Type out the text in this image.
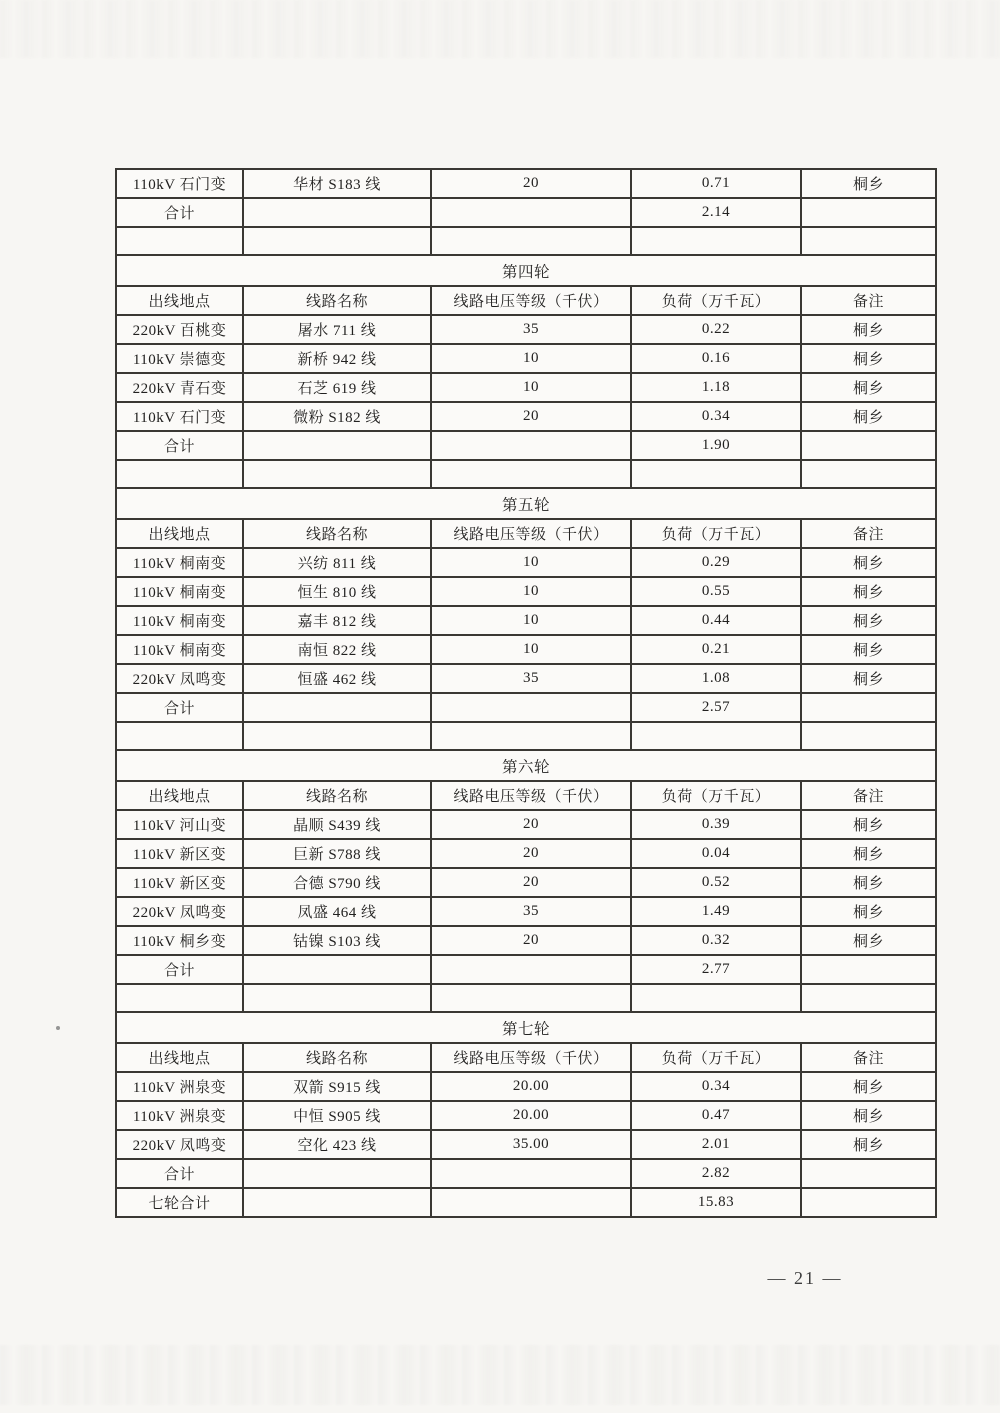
110kV 石门变	华材 S183 线	20	0.71	桐乡
合计			2.14	

第四轮				
出线地点	线路名称	线路电压等级（千伏）	负荷（万千瓦）	备注
220kV 百桃变	屠水 711 线	35	0.22	桐乡
110kV 崇德变	新桥 942 线	10	0.16	桐乡
220kV 青石变	石芝 619 线	10	1.18	桐乡
110kV 石门变	微粉 S182 线	20	0.34	桐乡
合计			1.90	

第五轮				
出线地点	线路名称	线路电压等级（千伏）	负荷（万千瓦）	备注
110kV 桐南变	兴纺 811 线	10	0.29	桐乡
110kV 桐南变	恒生 810 线	10	0.55	桐乡
110kV 桐南变	嘉丰 812 线	10	0.44	桐乡
110kV 桐南变	南恒 822 线	10	0.21	桐乡
220kV 凤鸣变	恒盛 462 线	35	1.08	桐乡
合计			2.57	

第六轮				
出线地点	线路名称	线路电压等级（千伏）	负荷（万千瓦）	备注
110kV 河山变	晶顺 S439 线	20	0.39	桐乡
110kV 新区变	巨新 S788 线	20	0.04	桐乡
110kV 新区变	合德 S790 线	20	0.52	桐乡
220kV 凤鸣变	凤盛 464 线	35	1.49	桐乡
110kV 桐乡变	钴镍 S103 线	20	0.32	桐乡
合计			2.77	

第七轮				
出线地点	线路名称	线路电压等级（千伏）	负荷（万千瓦）	备注
110kV 洲泉变	双箭 S915 线	20.00	0.34	桐乡
110kV 洲泉变	中恒 S905 线	20.00	0.47	桐乡
220kV 凤鸣变	空化 423 线	35.00	2.01	桐乡
合计			2.82	
七轮合计			15.83	
— 21 —
